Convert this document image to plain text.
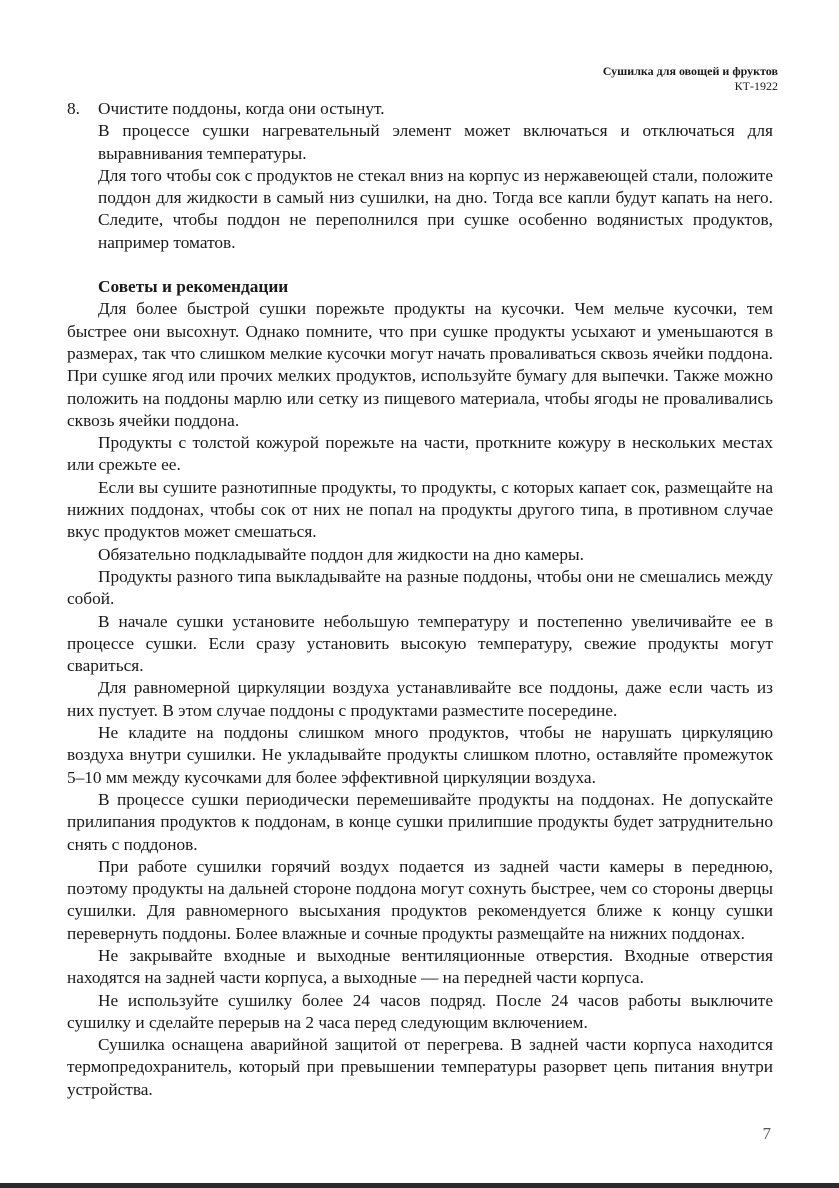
Сушилка для овощей и фруктов
КТ-1922
8.	Очистите поддоны, когда они остынут.

В процессе сушки нагревательный элемент может включаться и отключаться для выравнивания температуры.

Для того чтобы сок с продуктов не стекал вниз на корпус из нержавеющей стали, положите поддон для жидкости в самый низ сушилки, на дно. Тогда все капли будут капать на него. Следите, чтобы поддон не переполнился при сушке особенно водянистых продуктов, например томатов.

Советы и рекомендации

Для более быстрой сушки порежьте продукты на кусочки. Чем мельче кусочки, тем быстрее они высохнут. Однако помните, что при сушке продукты усыхают и уменьшаются в размерах, так что слишком мелкие кусочки могут начать проваливаться сквозь ячейки поддона. При сушке ягод или прочих мелких продуктов, используйте бумагу для выпечки. Также можно положить на поддоны марлю или сетку из пищевого материала, чтобы ягоды не проваливались сквозь ячейки поддона.

Продукты с толстой кожурой порежьте на части, проткните кожуру в нескольких местах или срежьте ее.

Если вы сушите разнотипные продукты, то продукты, с которых капает сок, размещайте на нижних поддонах, чтобы сок от них не попал на продукты другого типа, в противном случае вкус продуктов может смешаться.

Обязательно подкладывайте поддон для жидкости на дно камеры.

Продукты разного типа выкладывайте на разные поддоны, чтобы они не смешались между собой.

В начале сушки установите небольшую температуру и постепенно увеличивайте ее в процессе сушки. Если сразу установить высокую температуру, свежие продукты могут свариться.

Для равномерной циркуляции воздуха устанавливайте все поддоны, даже если часть из них пустует. В этом случае поддоны с продуктами разместите посередине.

Не кладите на поддоны слишком много продуктов, чтобы не нарушать циркуляцию воздуха внутри сушилки. Не укладывайте продукты слишком плотно, оставляйте промежуток 5–10 мм между кусочками для более эффективной циркуляции воздуха.

В процессе сушки периодически перемешивайте продукты на поддонах. Не допускайте прилипания продуктов к поддонам, в конце сушки прилипшие продукты будет затруднительно снять с поддонов.

При работе сушилки горячий воздух подается из задней части камеры в переднюю, поэтому продукты на дальней стороне поддона могут сохнуть быстрее, чем со стороны дверцы сушилки. Для равномерного высыхания продуктов рекомендуется ближе к концу сушки перевернуть поддоны. Более влажные и сочные продукты размещайте на нижних поддонах.

Не закрывайте входные и выходные вентиляционные отверстия. Входные отверстия находятся на задней части корпуса, а выходные — на передней части корпуса.

Не используйте сушилку более 24 часов подряд. После 24 часов работы выключите сушилку и сделайте перерыв на 2 часа перед следующим включением.

Сушилка оснащена аварийной защитой от перегрева. В задней части корпуса находится термопредохранитель, который при превышении температуры разорвет цепь питания внутри устройства.

7
